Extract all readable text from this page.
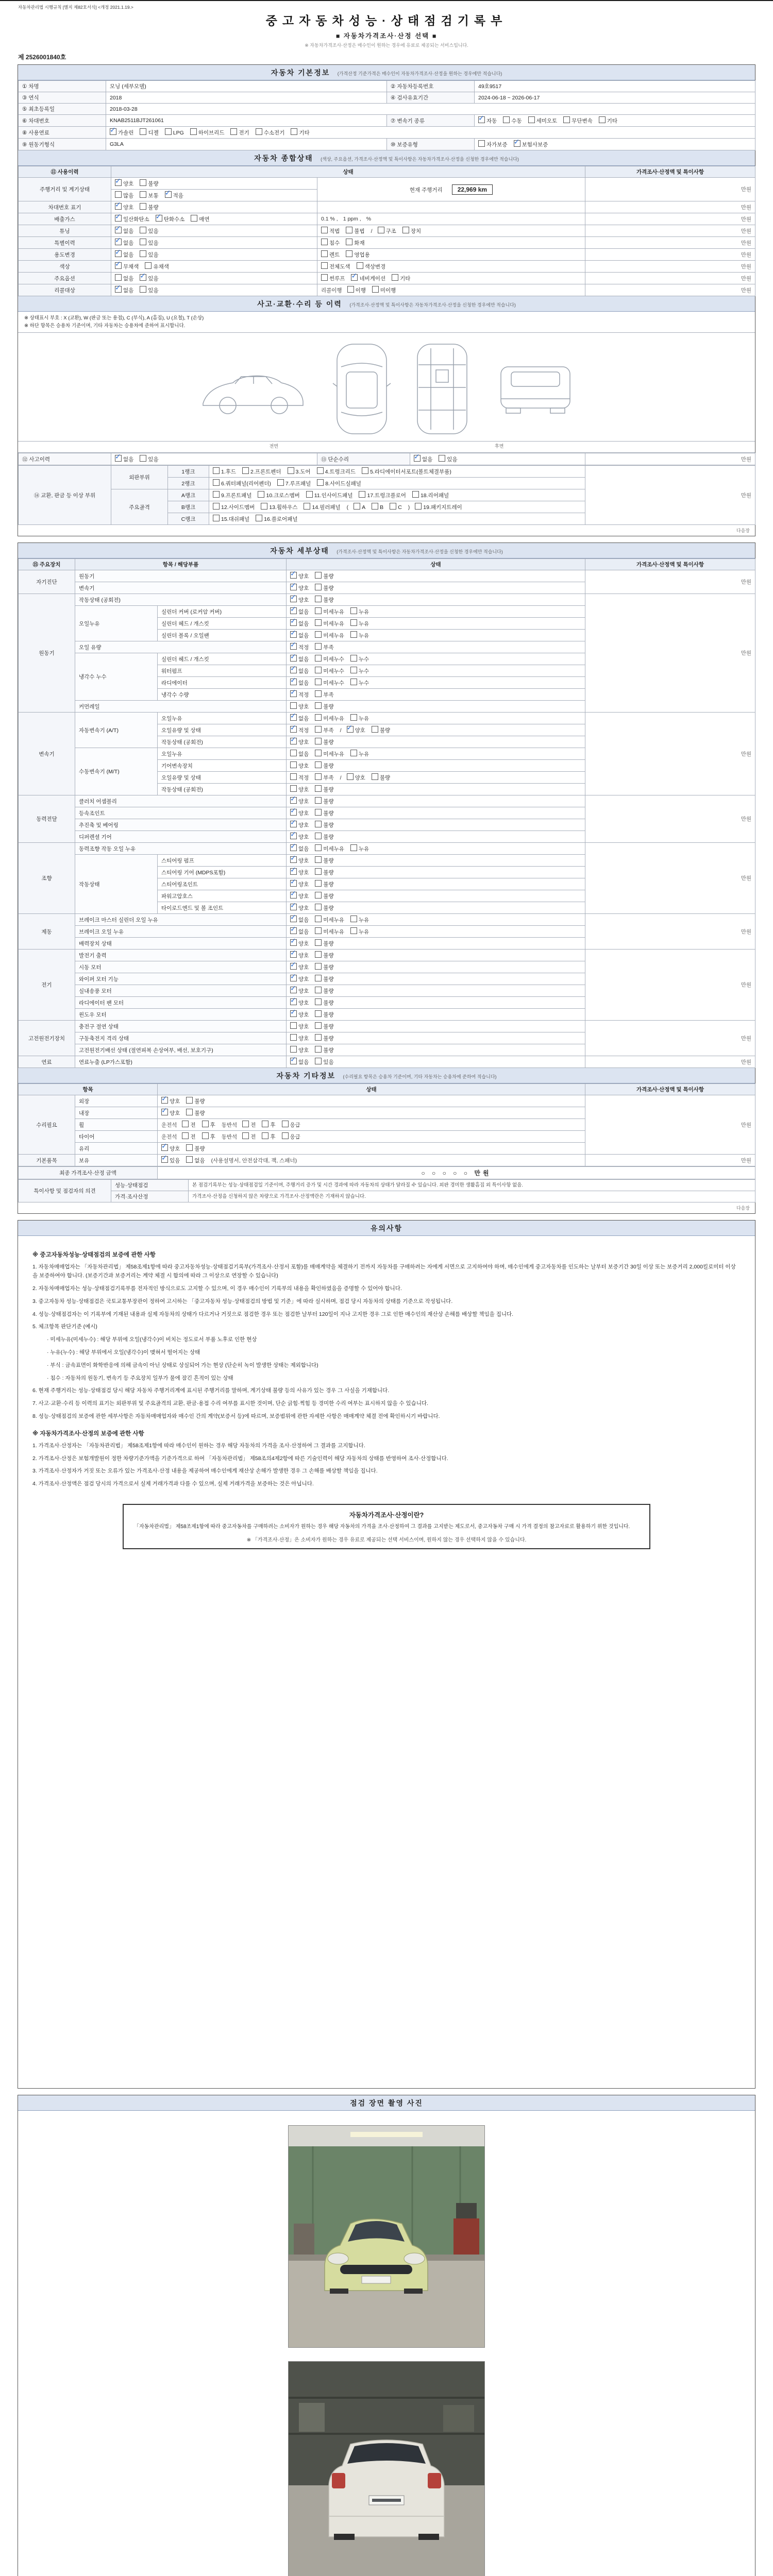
자동차관리법 시행규칙 [별지 제82호서식] <개정 2021.1.19.>
중고자동차성능·상태점검기록부
■ 자동차가격조사·산정 선택 ■
※ 자동차가격조사·산정은 매수인이 원하는 경우에 유료로 제공되는 서비스입니다.
제 2526001840호
자동차 기본정보 (가격산정 기준가격은 매수인이 자동차가격조사·산정을 원하는 경우에만 적습니다)
① 차명	모닝 (세부모델)	② 자동차등록번호	49호9517
③ 연식	2018	④ 검사유효기간	2024-06-18 ~ 2026-06-17
⑤ 최초등록일	2018-03-28		
⑥ 차대번호	KNAB2511BJT261061	⑦ 변속기 종류	✓자동 수동 세미오토 무단변속 기타
⑧ 사용연료	✓가솔린 디젤 LPG 하이브리드 전기 수소전기 기타
⑨ 원동기형식	G3LA	⑩ 보증유형	자가보증 ✓ 보험사보증
자동차 종합상태 (색상, 주요옵션, 가격조사·산정액 및 특이사항은 자동차가격조사·산정을 신청한 경우에만 적습니다)
⑪ 사용이력	상태		가격조사·산정액 및 특이사항
주행거리 및 계기상태	✓양호 불량	현재 주행거리 22,969 km	만원
	많음 보통 ✓ 적음
차대번호 표기	✓양호 불량		만원
배출가스	✓일산화탄소 ✓ 탄화수소 매연	0.1 % , 1 ppm , %	만원
튜닝	✓없음 있음	적법 불법 / 구조 장치	만원
특별이력	✓없음 있음	침수 화재	만원
용도변경	✓없음 있음	렌트 영업용	만원
색상	✓무채색 유채색	전체도색 색상변경	만원
주요옵션	없음 ✓ 있음	썬루프 ✓ 네비게이션 기타	만원
리콜대상	✓없음 있음	리콜이행 이행 미이행	만원
사고·교환·수리 등 이력 (가격조사·산정액 및 특이사항은 자동차가격조사·산정을 신청한 경우에만 적습니다)
※ 상태표시 부호 : X (교환), W (판금 또는 용접), C (부식), A (흠집), U (요철), T (손상)
※ 하단 항목은 승용차 기준이며, 기타 자동차는 승용차에 준하여 표시합니다.
전면	후면
⑫ 사고이력	✓없음	있음	⑬ 단순수리	✓없음	있음	만원
⑭ 교환, 판금 등 이상 부위	외판부위	1랭크	1.후드 2.프론트펜더 3.도어 4.트렁크리드 5.라디에이터서포트(볼트체결부품)	만원
		2랭크	6.쿼터패널(리어펜더) 7.루프패널 8.사이드실패널	
	주요골격	A랭크	9.프론트패널 10.크로스멤버 11.인사이드패널 17.트렁크플로어 18.리어패널	
		B랭크	12.사이드멤버 13.휠하우스 14.필러패널 ( A B C ) 19.패키지트레이	
		C랭크	15.대쉬패널 16.플로어패널	
다음장
자동차 세부상태 (가격조사·산정액 및 특이사항은 자동차가격조사·산정을 신청한 경우에만 적습니다)
⑮ 주요장치	항목 / 해당부품		상태	가격조사·산정액 및 특이사항
자기진단	원동기	✓양호 불량	만원
	변속기	✓양호 불량
원동기	작동상태 (공회전)	✓양호 불량	만원
	오일누유	실린더 커버 (로커암 커버)	✓없음 미세누유 누유
		실린더 헤드 / 개스킷	✓없음 미세누유 누유
		실린더 블록 / 오일팬	✓없음 미세누유 누유
	오일 유량	✓적정 부족
	냉각수 누수	실린더 헤드 / 개스킷	✓없음 미세누수 누수
		워터펌프	✓없음 미세누수 누수
		라디에이터	✓없음 미세누수 누수
		냉각수 수량	✓적정 부족
	커먼레일		양호 불량	
변속기	자동변속기 (A/T)	오일누유	✓없음 미세누유 누유	만원
		오일유량 및 상태	✓적정 부족 / ✓ 양호 불량
		작동상태 (공회전)	✓양호 불량
	수동변속기 (M/T)	오일누유	없음 미세누유 누유	
		기어변속장치	양호 불량	
		오일유량 및 상태	적정 부족 / 양호 불량	
		작동상태 (공회전)	양호 불량	
동력전달	클러치 어셈블리	✓양호 불량	만원
	등속조인트	✓양호 불량
	추진축 및 베어링	✓양호 불량
	디퍼렌셜 기어	✓양호 불량
조향	동력조향 작동 오일 누유	✓없음 미세누유 누유	만원
	작동상태	스티어링 펌프	✓양호 불량
		스티어링 기어 (MDPS포함)	✓양호 불량
		스티어링조인트	✓양호 불량
		파워고압호스	✓양호 불량
		타이로드엔드 및 볼 조인트	✓양호 불량
제동	브레이크 마스터 실린더 오일 누유	✓없음 미세누유 누유	만원
	브레이크 오일 누유	✓없음 미세누유 누유
	배력장치 상태	✓양호 불량
전기	발전기 출력	✓양호 불량	만원
	시동 모터	✓양호 불량
	와이퍼 모터 기능	✓양호 불량
	실내송풍 모터	✓양호 불량
	라디에이터 팬 모터	✓양호 불량
	윈도우 모터	✓양호 불량
고전원전기장치	충전구 절연 상태		양호 불량	만원
	구동축전지 격리 상태		양호 불량	
	고전원전기배선 상태 (절연피복 손상여부, 배선, 보호기구)		양호 불량	
연료	연료누출 (LP가스포함)	✓없음 있음	만원
자동차 기타정보 (수리필요 항목은 승용차 기준이며, 기타 자동차는 승용차에 준하여 적습니다)
항목		상태	가격조사·산정액 및 특이사항
수리필요	외장	✓양호 불량	만원
	내장	✓양호 불량
	휠	운전석 전 후 동반석 전 후 응급	
	타이어	운전석 전 후 동반석 전 후 응급	
	유리	✓양호 불량
기본품목	보유	✓있음 없음 (사용설명서, 안전삼각대, 잭, 스패너)	만원
최종 가격조사·산정 금액	○ ○ ○ ○ ○ 만원
특이사항 및 점검자의 의견	성능·상태점검	본 점검기록부는 성능·상태점검일 기준이며, 주행거리 증가 및 시간 경과에 따라 자동차의 상태가 달라질 수 있습니다. 외판 경미한 생활흠집 외 특이사항 없음.
	가격·조사산정	가격조사·산정을 신청하지 않은 차량으로 가격조사·산정액란은 기재하지 않습니다.
다음장
유의사항
※ 중고자동차성능·상태점검의 보증에 관한 사항
1. 자동차매매업자는 「자동차관리법」 제58조제1항에 따라 중고자동차성능·상태점검기록부(가격조사·산정서 포함)를 매매계약을 체결하기 전까지 자동차를 구매하려는 자에게 서면으로 고지하여야 하며, 매수인에게 중고자동차를 인도하는 날부터 보증기간 30일 이상 또는 보증거리 2,000킬로미터 이상을 보증하여야 합니다. (보증기간과 보증거리는 계약 체결 시 합의에 따라 그 이상으로 연장할 수 있습니다)
2. 자동차매매업자는 성능·상태점검기록부를 전자적인 방식으로도 고지할 수 있으며, 이 경우 매수인이 기록부의 내용을 확인하였음을 증명할 수 있어야 합니다.
3. 중고자동차 성능·상태점검은 국토교통부장관이 정하여 고시하는 「중고자동차 성능·상태점검의 방법 및 기준」에 따라 실시하며, 점검 당시 자동차의 상태를 기준으로 작성됩니다.
4. 성능·상태점검자는 이 기록부에 기재된 내용과 실제 자동차의 상태가 다르거나 거짓으로 점검한 경우 또는 점검한 날부터 120일이 지나 고지한 경우 그로 인한 매수인의 재산상 손해를 배상할 책임을 집니다.
5. 체크항목 판단기준 (예시)
· 미세누유(미세누수) : 해당 부위에 오일(냉각수)이 비치는 정도로서 부품 노후로 인한 현상
· 누유(누수) : 해당 부위에서 오일(냉각수)이 맺혀서 떨어지는 상태
· 부식 : 금속표면이 화학반응에 의해 금속이 아닌 상태로 상실되어 가는 현상 (단순히 녹이 발생한 상태는 제외합니다)
· 침수 : 자동차의 원동기, 변속기 등 주요장치 일부가 물에 잠긴 흔적이 있는 상태
6. 현재 주행거리는 성능·상태점검 당시 해당 자동차 주행거리계에 표시된 주행거리를 말하며, 계기상태 불량 등의 사유가 있는 경우 그 사실을 기재합니다.
7. 사고·교환·수리 등 이력의 표기는 외판부위 및 주요골격의 교환, 판금·용접 수리 여부를 표시한 것이며, 단순 긁힘·찍힘 등 경미한 수리 여부는 표시하지 않을 수 있습니다.
8. 성능·상태점검의 보증에 관한 세부사항은 자동차매매업자와 매수인 간의 계약(보증서 등)에 따르며, 보증범위에 관한 자세한 사항은 매매계약 체결 전에 확인하시기 바랍니다.
※ 자동차가격조사·산정의 보증에 관한 사항
1. 가격조사·산정자는 「자동차관리법」 제58조제1항에 따라 매수인이 원하는 경우 해당 자동차의 가격을 조사·산정하여 그 결과를 고지합니다.
2. 가격조사·산정은 보험개발원이 정한 차량기준가액을 기준가격으로 하여 「자동차관리법」 제58조의4제2항에 따른 기술인력이 해당 자동차의 상태를 반영하여 조사·산정합니다.
3. 가격조사·산정자가 거짓 또는 오류가 있는 가격조사·산정 내용을 제공하여 매수인에게 재산상 손해가 발생한 경우 그 손해를 배상할 책임을 집니다.
4. 가격조사·산정액은 점검 당시의 가격으로서 실제 거래가격과 다를 수 있으며, 실제 거래가격을 보증하는 것은 아닙니다.
자동차가격조사·산정이란?
「자동차관리법」 제58조제1항에 따라 중고자동차를 구매하려는 소비자가 원하는 경우 해당 자동차의 가격을 조사·산정하여 그 결과를 고지받는 제도로서, 중고자동차 구매 시 가격 결정의 참고자료로 활용하기 위한 것입니다.
※ 「가격조사·산정」은 소비자가 원하는 경우 유료로 제공되는 선택 서비스이며, 원하지 않는 경우 선택하지 않을 수 있습니다.
점검 장면 촬영 사진
